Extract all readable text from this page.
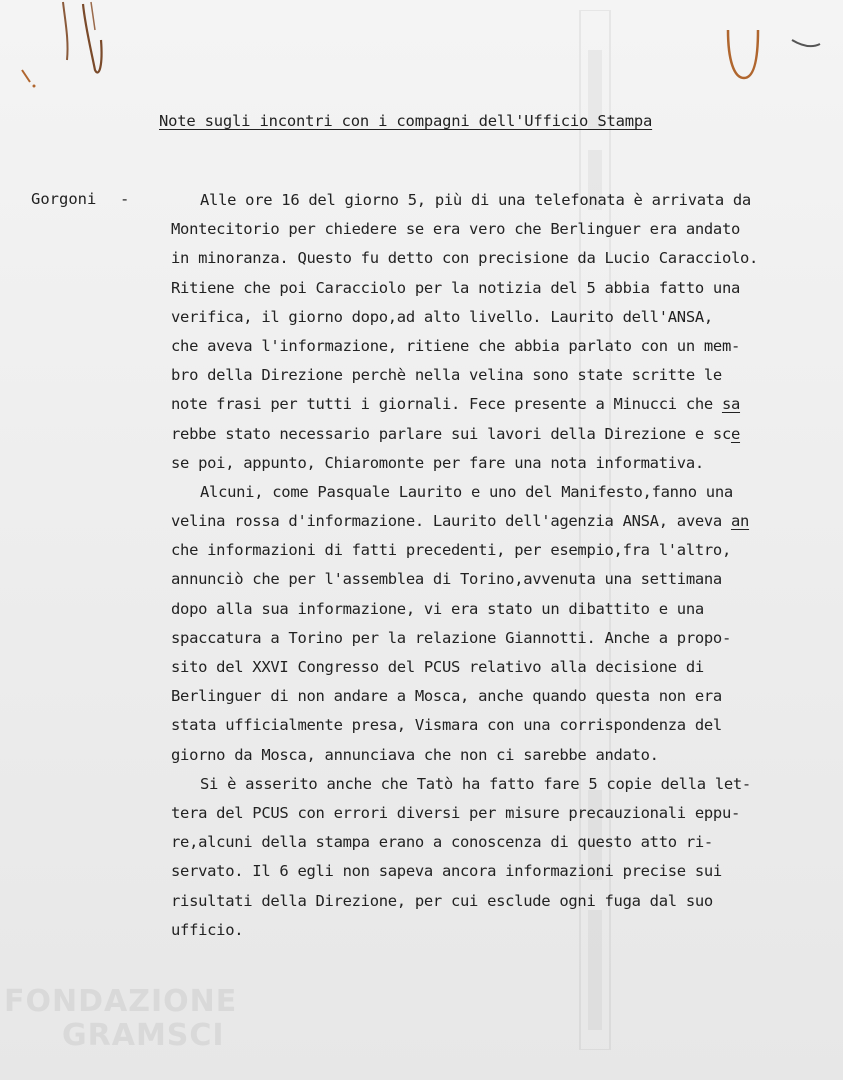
Note sugli incontri con i compagni dell'Ufficio Stampa
Gorgoni -	Alle ore 16 del giorno 5, più di una telefonata è arrivata da
Montecitorio per chiedere se era vero che Berlinguer era andato
in minoranza. Questo fu detto con precisione da Lucio Caracciolo.
Ritiene che poi Caracciolo per la notizia del 5 abbia fatto una
verifica, il giorno dopo,ad alto livello. Laurito dell'ANSA,
che aveva l'informazione, ritiene che abbia parlato con un mem-
bro della Direzione perchè nella velina sono state scritte le
note frasi per tutti i giornali. Fece presente a Minucci che sa
rebbe stato necessario parlare sui lavori della Direzione e sce
se poi, appunto, Chiaromonte per fare una nota informativa.
Alcuni, come Pasquale Laurito e uno del Manifesto,fanno una
velina rossa d'informazione. Laurito dell'agenzia ANSA, aveva an
che informazioni di fatti precedenti, per esempio,fra l'altro,
annunciò che per l'assemblea di Torino,avvenuta una settimana
dopo alla sua informazione, vi era stato un dibattito e una
spaccatura a Torino per la relazione Giannotti. Anche a propo-
sito del XXVI Congresso del PCUS relativo alla decisione di
Berlinguer di non andare a Mosca, anche quando questa non era
stata ufficialmente presa, Vismara con una corrispondenza del
giorno da Mosca, annunciava che non ci sarebbe andato.
Si è asserito anche che Tatò ha fatto fare 5 copie della let-
tera del PCUS con errori diversi per misure precauzionali eppu-
re,alcuni della stampa erano a conoscenza di questo atto ri-
servato. Il 6 egli non sapeva ancora informazioni precise sui
risultati della Direzione, per cui esclude ogni fuga dal suo
ufficio.
FONDAZIONE
GRAMSCI
